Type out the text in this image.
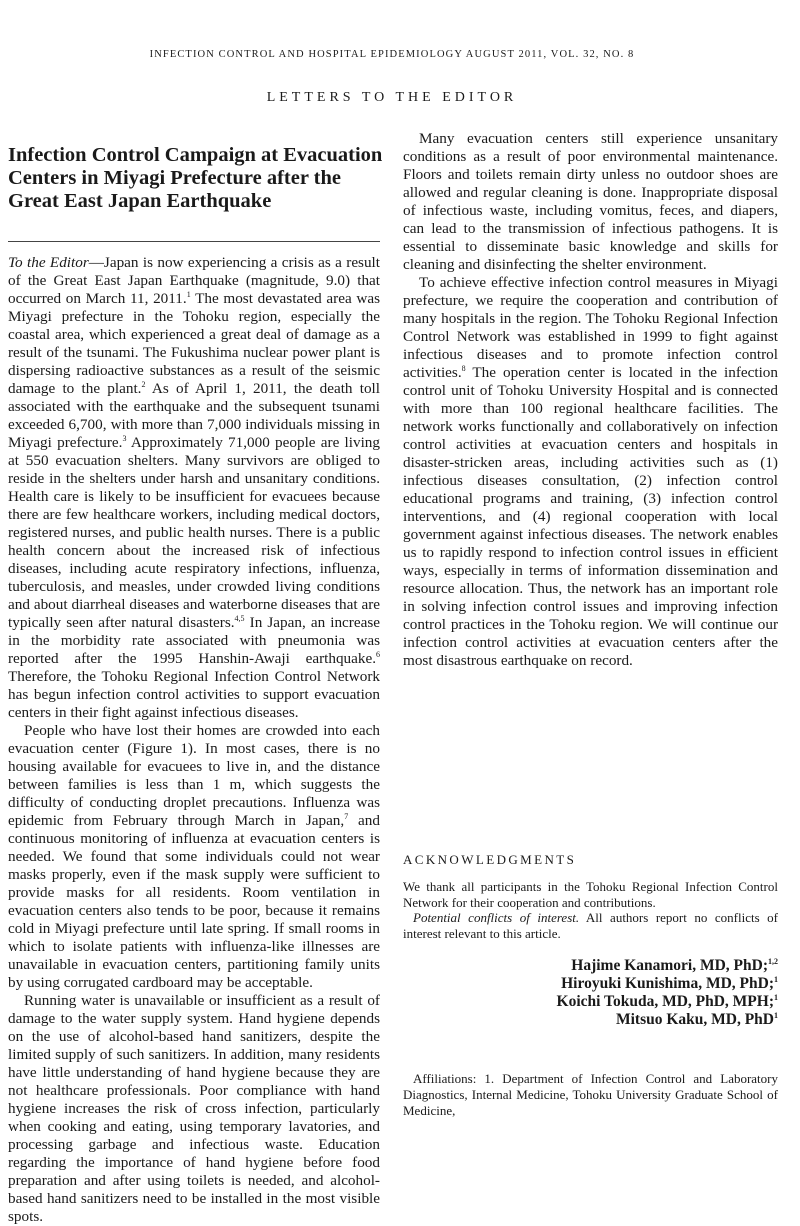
INFECTION CONTROL AND HOSPITAL EPIDEMIOLOGY AUGUST 2011, VOL. 32, NO. 8
LETTERS TO THE EDITOR
Infection Control Campaign at Evacuation Centers in Miyagi Prefecture after the Great East Japan Earthquake

To the Editor—Japan is now experiencing a crisis as a result of the Great East Japan Earthquake (magnitude, 9.0) that occurred on March 11, 2011.$^1$ The most devastated area was Miyagi prefecture in the Tohoku region, especially the coastal area, which experienced a great deal of damage as a result of the tsunami. The Fukushima nuclear power plant is dispersing radioactive substances as a result of the seismic damage to the plant.$^2$ As of April 1, 2011, the death toll associated with the earthquake and the subsequent tsunami exceeded 6,700, with more than 7,000 individuals missing in Miyagi prefecture.$^3$ Approximately 71,000 people are living at 550 evacuation shelters. Many survivors are obliged to reside in the shelters under harsh and unsanitary conditions. Health care is likely to be insufficient for evacuees because there are few healthcare workers, including medical doctors, registered nurses, and public health nurses. There is a public health concern about the increased risk of infectious diseases, including acute respiratory infections, influenza, tuberculosis, and measles, under crowded living conditions and about diarrheal diseases and waterborne diseases that are typically seen after natural disasters.$^{4,5}$ In Japan, an increase in the morbidity rate associated with pneumonia was reported after the 1995 Hanshin-Awaji earthquake.$^6$ Therefore, the Tohoku Regional Infection Control Network has begun infection control activities to support evacuation centers in their fight against infectious diseases.

People who have lost their homes are crowded into each evacuation center (Figure 1). In most cases, there is no housing available for evacuees to live in, and the distance between families is less than 1 m, which suggests the difficulty of conducting droplet precautions. Influenza was epidemic from February through March in Japan,$^7$ and continuous monitoring of influenza at evacuation centers is needed. We found that some individuals could not wear masks properly, even if the mask supply were sufficient to provide masks for all residents. Room ventilation in evacuation centers also tends to be poor, because it remains cold in Miyagi prefecture until late spring. If small rooms in which to isolate patients with influenza-like illnesses are unavailable in evacuation centers, partitioning family units by using corrugated cardboard may be acceptable.

Running water is unavailable or insufficient as a result of damage to the water supply system. Hand hygiene depends on the use of alcohol-based hand sanitizers, despite the limited supply of such sanitizers. In addition, many residents have little understanding of hand hygiene because they are not healthcare professionals. Poor compliance with hand hygiene increases the risk of cross infection, particularly when cooking and eating, using temporary lavatories, and processing garbage and infectious waste. Education regarding the importance of hand hygiene before food preparation and after using toilets is needed, and alcohol-based hand sanitizers need to be installed in the most visible spots.

Many evacuation centers still experience unsanitary conditions as a result of poor environmental maintenance. Floors and toilets remain dirty unless no outdoor shoes are allowed and regular cleaning is done. Inappropriate disposal of infectious waste, including vomitus, feces, and diapers, can lead to the transmission of infectious pathogens. It is essential to disseminate basic knowledge and skills for cleaning and disinfecting the shelter environment.

To achieve effective infection control measures in Miyagi prefecture, we require the cooperation and contribution of many hospitals in the region. The Tohoku Regional Infection Control Network was established in 1999 to fight against infectious diseases and to promote infection control activities.$^8$ The operation center is located in the infection control unit of Tohoku University Hospital and is connected with more than 100 regional healthcare facilities. The network works functionally and collaboratively on infection control activities at evacuation centers and hospitals in disaster-stricken areas, including activities such as (1) infectious diseases consultation, (2) infection control educational programs and training, (3) infection control interventions, and (4) regional cooperation with local government against infectious diseases. The network enables us to rapidly respond to infection control issues in efficient ways, especially in terms of information dissemination and resource allocation. Thus, the network has an important role in solving infection control issues and improving infection control practices in the Tohoku region. We will continue our infection control activities at evacuation centers after the most disastrous earthquake on record.

ACKNOWLEDGMENTS

We thank all participants in the Tohoku Regional Infection Control Network for their cooperation and contributions.

Potential conflicts of interest. All authors report no conflicts of interest relevant to this article.

Hajime Kanamori, MD, PhD;$^{1,2}$
Hiroyuki Kunishima, MD, PhD;$^1$
Koichi Tokuda, MD, PhD, MPH;$^1$
Mitsuo Kaku, MD, PhD$^1$
Affiliations: 1. Department of Infection Control and Laboratory Diagnostics, Internal Medicine, Tohoku University Graduate School of Medicine,
